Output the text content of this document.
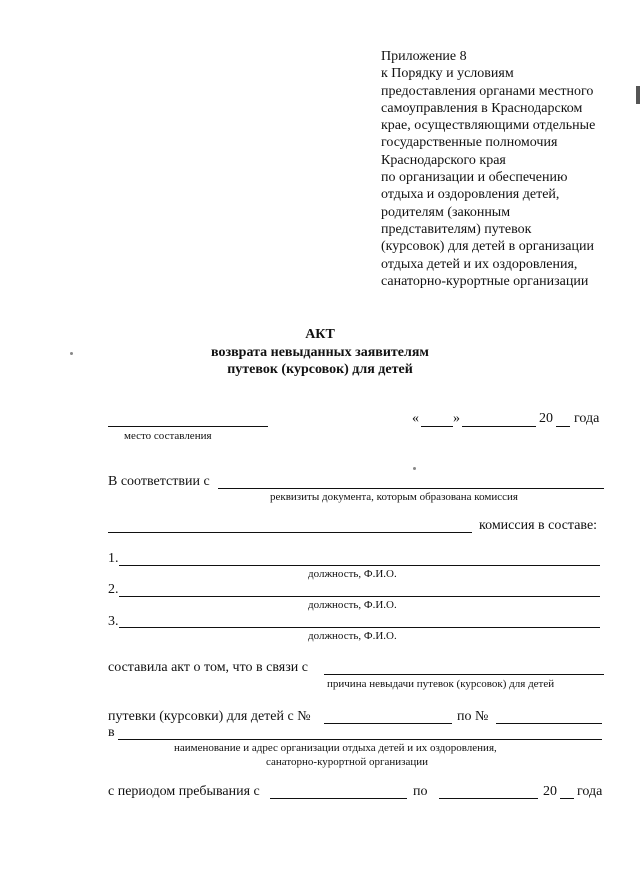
Приложение 8
к Порядку и условиям
предоставления органами местного
самоуправления в Краснодарском
крае, осуществляющими отдельные
государственные полномочия
Краснодарского края
по организации и обеспечению
отдыха и оздоровления детей,
родителям (законным
представителям) путевок
(курсовок) для детей в организации
отдыха детей и их оздоровления,
санаторно-курортные организации
АКТ
возврата невыданных заявителям
путевок (курсовок) для детей
место составления
« »	20 года
В соответствии с
реквизиты документа, которым образована комиссия
комиссия в составе:
1.
должность, Ф.И.О.
2.
должность, Ф.И.О.
3.
должность, Ф.И.О.
составила акт о том, что в связи с
причина невыдачи путевок (курсовок) для детей
путевки (курсовки) для детей с №	по №
в
наименование и адрес организации отдыха детей и их оздоровления,
санаторно-курортной организации
с периодом пребывания с	по	20 года
